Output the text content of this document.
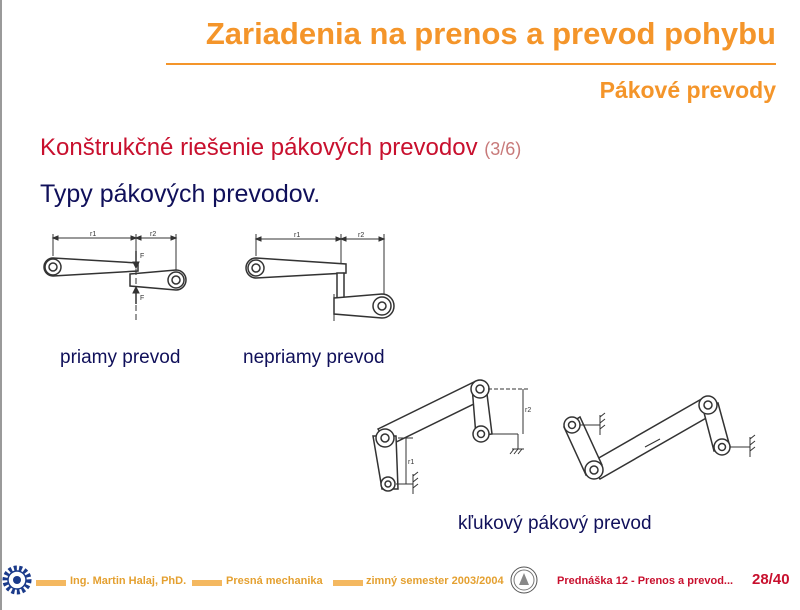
Zariadenia na prenos a prevod pohybu
Pákové prevody
Konštrukčné riešenie pákových prevodov (3/6)
Typy pákových prevodov.
r1	r2
F
F
r1	r2
priamy prevod	nepriamy prevod
r2
r1
kľukový pákový prevod
Ing. Martin Halaj, PhD.	Presná mechanika	zimný semester 2003/2004	Prednáška 12 - Prenos a prevod... 28/40
